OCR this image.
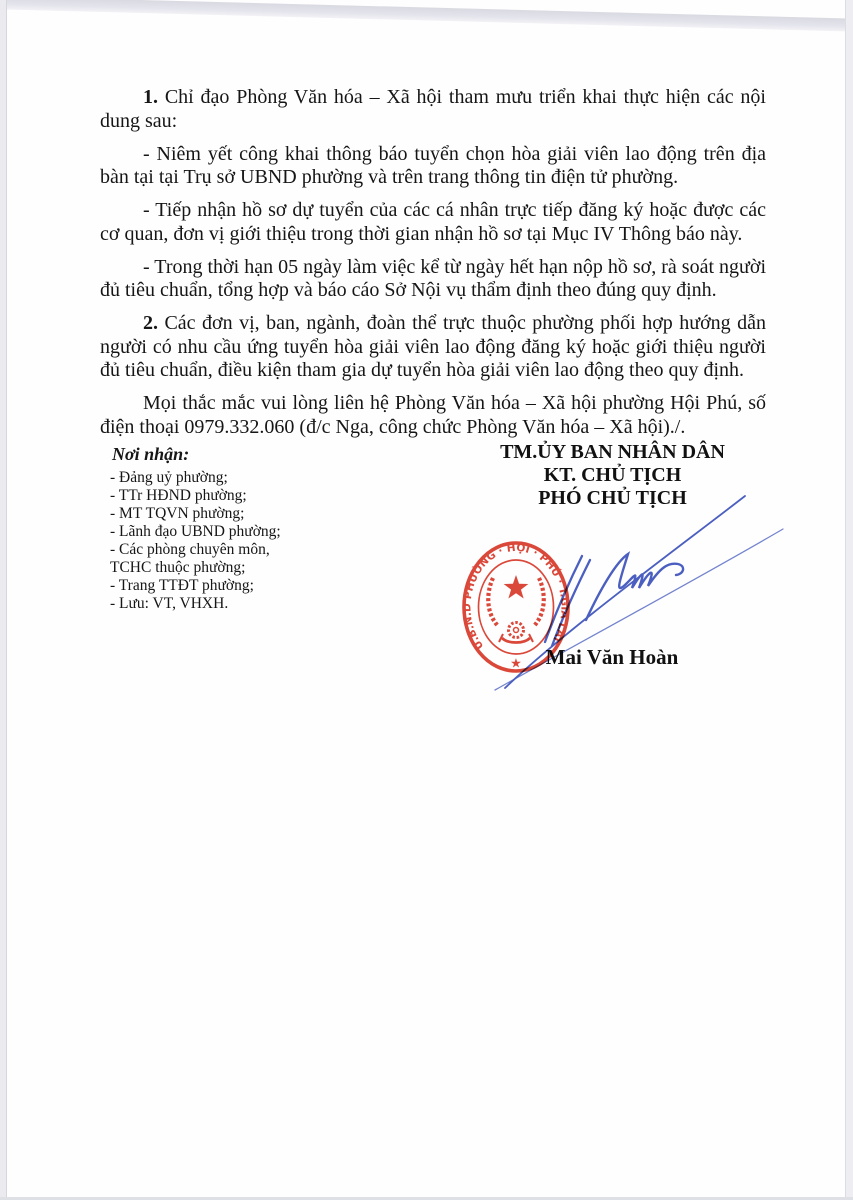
1. Chỉ đạo Phòng Văn hóa – Xã hội tham mưu triển khai thực hiện các nội dung sau:

- Niêm yết công khai thông báo tuyển chọn hòa giải viên lao động trên địa bàn tại tại Trụ sở UBND phường và trên trang thông tin điện tử phường.

- Tiếp nhận hồ sơ dự tuyển của các cá nhân trực tiếp đăng ký hoặc được các cơ quan, đơn vị giới thiệu trong thời gian nhận hồ sơ tại Mục IV Thông báo này.

- Trong thời hạn 05 ngày làm việc kể từ ngày hết hạn nộp hồ sơ, rà soát người đủ tiêu chuẩn, tổng hợp và báo cáo Sở Nội vụ thẩm định theo đúng quy định.

2. Các đơn vị, ban, ngành, đoàn thể trực thuộc phường phối hợp hướng dẫn người có nhu cầu ứng tuyển hòa giải viên lao động đăng ký hoặc giới thiệu người đủ tiêu chuẩn, điều kiện tham gia dự tuyển hòa giải viên lao động theo quy định.

Mọi thắc mắc vui lòng liên hệ Phòng Văn hóa – Xã hội phường Hội Phú, số điện thoại 0979.332.060 (đ/c Nga, công chức Phòng Văn hóa – Xã hội)./.

Nơi nhận:
- Đảng uỷ phường;
- TTr HĐND phường;
- MT TQVN phường;
- Lãnh đạo UBND phường;
- Các phòng chuyên môn,
TCHC thuộc phường;
- Trang TTĐT phường;
- Lưu: VT, VHXH.
TM.ỦY BAN NHÂN DÂN
KT. CHỦ TỊCH
PHÓ CHỦ TỊCH
Mai Văn Hoàn
U.B.N.D PHƯỜNG · HỘI · PHÚ · T.GIA LAI
★
